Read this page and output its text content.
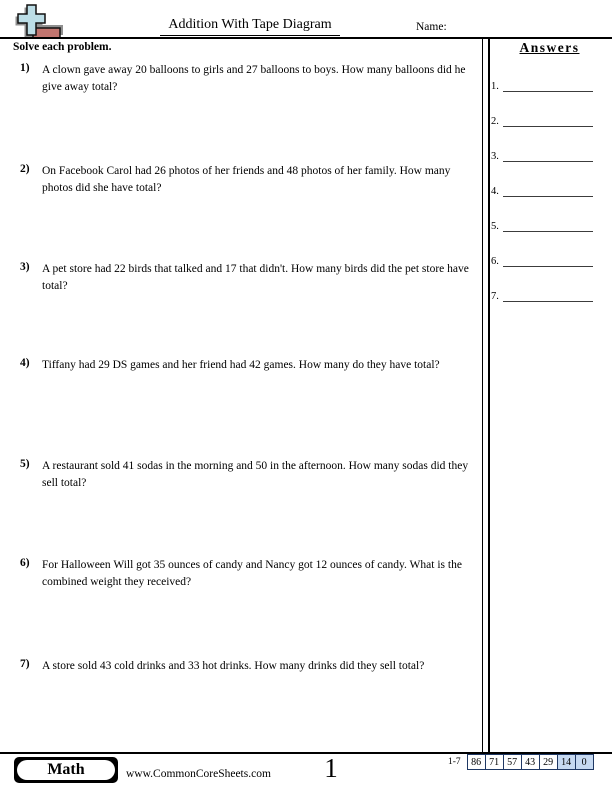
Addition With Tape Diagram	Name:
Solve each problem.
1)	A clown gave away 20 balloons to girls and 27 balloons to boys. How many balloons did he give away total?
2)	On Facebook Carol had 26 photos of her friends and 48 photos of her family. How many photos did she have total?
3)	A pet store had 22 birds that talked and 17 that didn't. How many birds did the pet store have total?
4)	Tiffany had 29 DS games and her friend had 42 games. How many do they have total?
5)	A restaurant sold 41 sodas in the morning and 50 in the afternoon. How many sodas did they sell total?
6)	For Halloween Will got 35 ounces of candy and Nancy got 12 ounces of candy. What is the combined weight they received?
7)	A store sold 43 cold drinks and 33 hot drinks. How many drinks did they sell total?
Answers
1.
2.
3.
4.
5.
6.
7.
Math	www.CommonCoreSheets.com	1	1-7	86 71 57 43 29 14	0
